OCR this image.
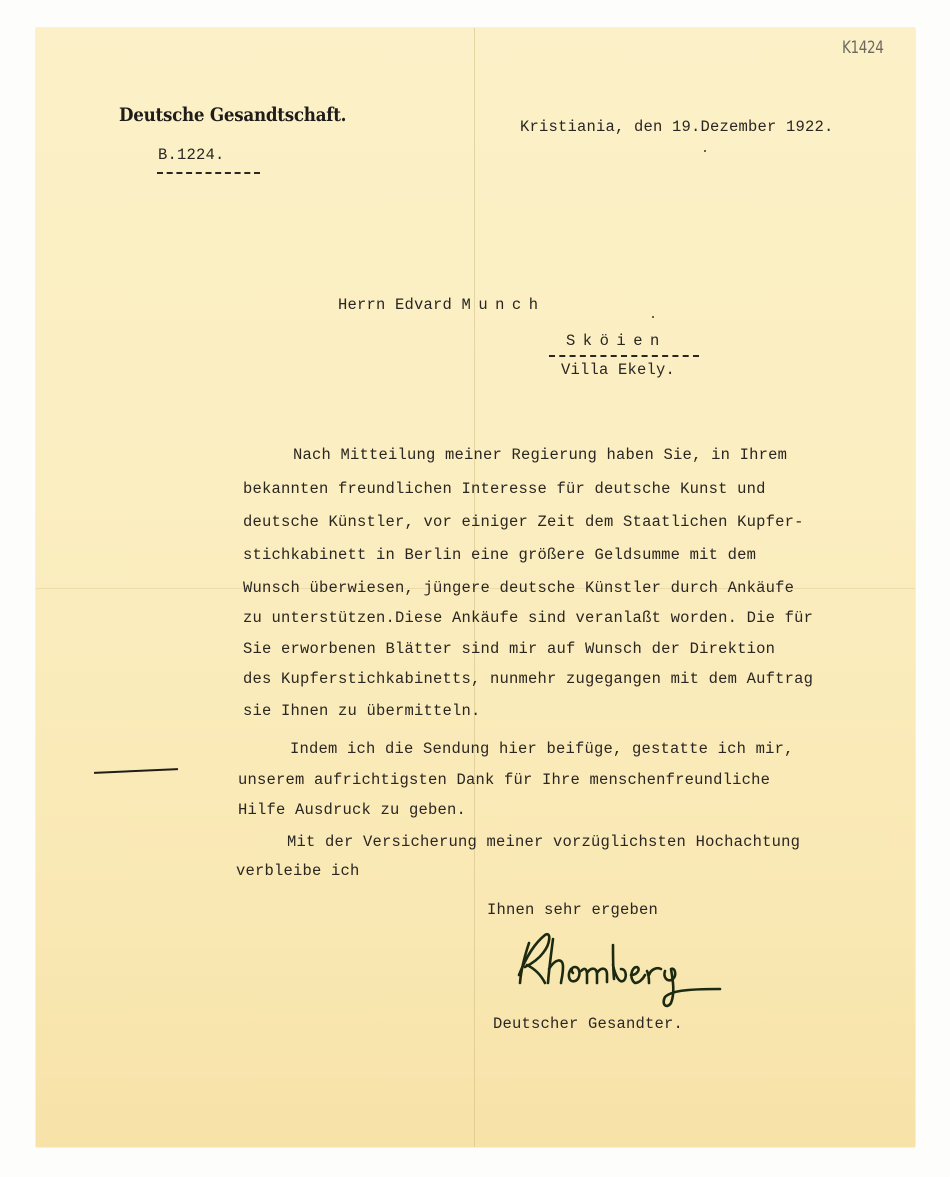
K1424
Deutsche Gesandtschaft.
B.1224.
Kristiania, den 19.Dezember 1922.
Herrn Edvard Munch
Sköien
Villa Ekely.
Nach Mitteilung meiner Regierung haben Sie, in Ihrem
bekannten freundlichen Interesse für deutsche Kunst und
deutsche Künstler, vor einiger Zeit dem Staatlichen Kupfer-
stichkabinett in Berlin eine größere Geldsumme mit dem
Wunsch überwiesen, jüngere deutsche Künstler durch Ankäufe
zu unterstützen.Diese Ankäufe sind veranlaßt worden. Die für
Sie erworbenen Blätter sind mir auf Wunsch der Direktion
des Kupferstichkabinetts, nunmehr zugegangen mit dem Auftrag
sie Ihnen zu übermitteln.
Indem ich die Sendung hier beifüge, gestatte ich mir,
unserem aufrichtigsten Dank für Ihre menschenfreundliche
Hilfe Ausdruck zu geben.
Mit der Versicherung meiner vorzüglichsten Hochachtung
verbleibe ich
Ihnen sehr ergeben
Deutscher Gesandter.
